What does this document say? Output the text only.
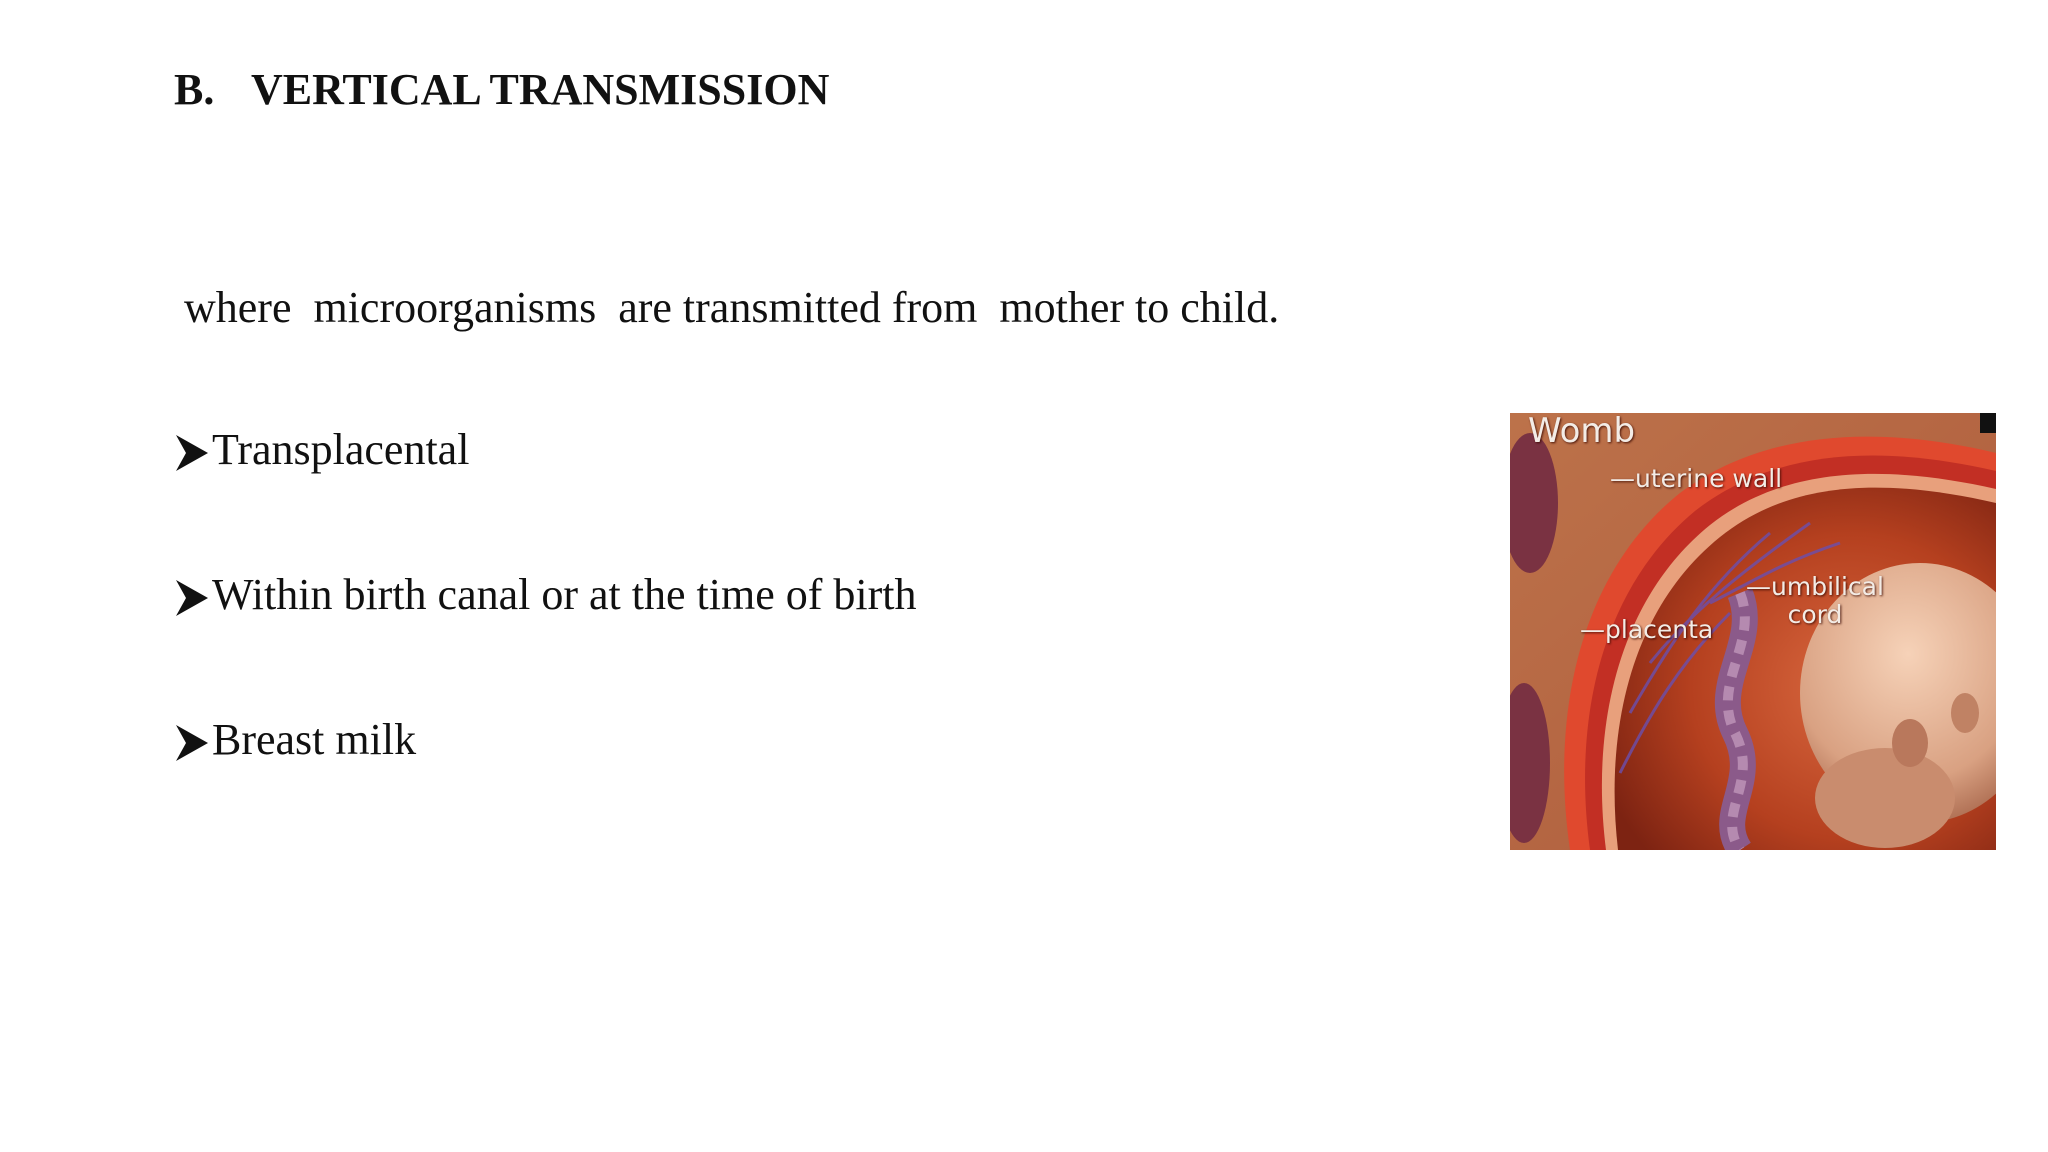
B. VERTICAL TRANSMISSION
where  microorganisms  are transmitted from  mother to child.
Transplacental
Within birth canal or at the time of birth
Breast milk
Womb
—uterine wall
—placenta
—umbilical
cord
